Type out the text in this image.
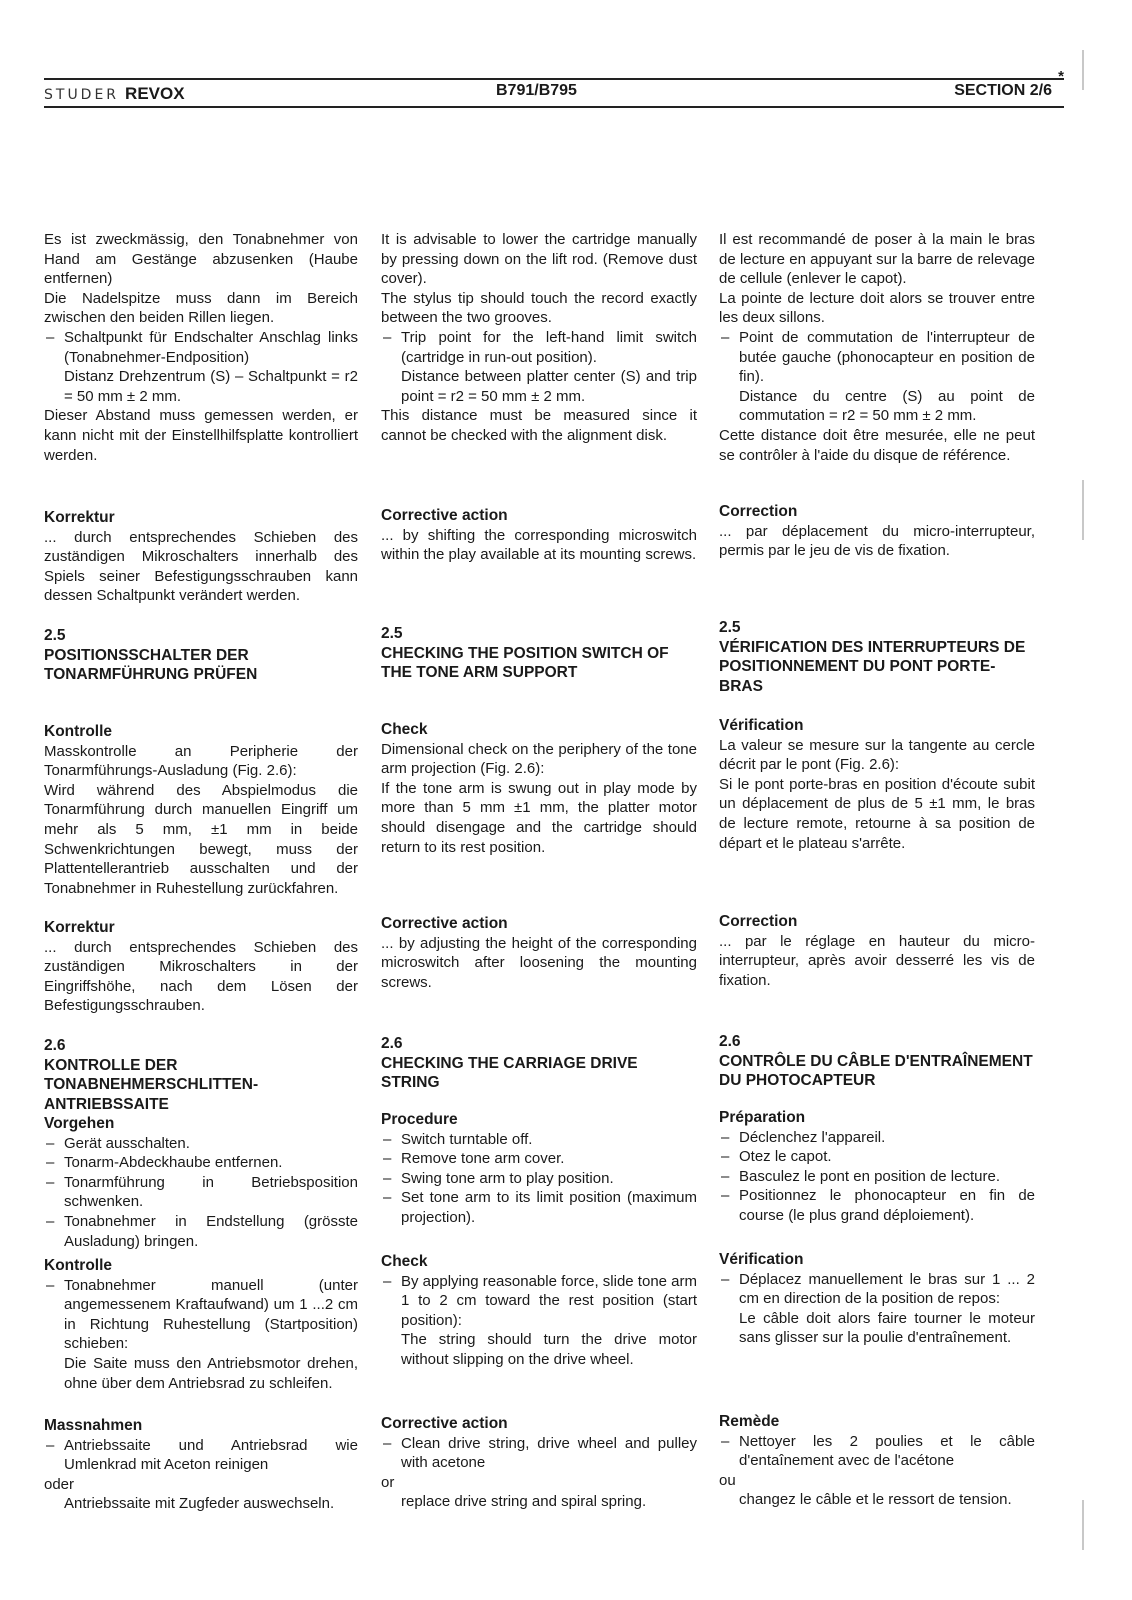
STUDER REVOX	B791/B795	SECTION 2/6
*

Es ist zweckmässig, den Tonabnehmer von Hand am Gestänge abzusenken (Haube entfernen)

Die Nadelspitze muss dann im Bereich zwischen den beiden Rillen liegen.

– Schaltpunkt für Endschalter Anschlag links (Tonabnehmer-Endposition)

Distanz Drehzentrum (S) – Schaltpunkt = r2 = 50 mm ± 2 mm.

Dieser Abstand muss gemessen werden, er kann nicht mit der Einstellhilfsplatte kontrolliert werden.

Korrektur

... durch entsprechendes Schieben des zuständigen Mikroschalters innerhalb des Spiels seiner Befestigungsschrauben kann dessen Schaltpunkt verändert werden.

2.5
POSITIONSSCHALTER DER TONARMFÜHRUNG PRÜFEN
Kontrolle

Masskontrolle an Peripherie der Tonarmführungs-Ausladung (Fig. 2.6):

Wird während des Abspielmodus die Tonarmführung durch manuellen Eingriff um mehr als 5 mm, ±1 mm in beide Schwenkrichtungen bewegt, muss der Plattentellerantrieb ausschalten und der Tonabnehmer in Ruhestellung zurückfahren.

Korrektur

... durch entsprechendes Schieben des zuständigen Mikroschalters in der Eingriffshöhe, nach dem Lösen der Befestigungsschrauben.

2.6
KONTROLLE DER TONABNEHMERSCHLITTEN-ANTRIEBSSAITE
Vorgehen
– Gerät ausschalten.
– Tonarm-Abdeckhaube entfernen.
– Tonarmführung in Betriebsposition schwenken.
– Tonabnehmer in Endstellung (grösste Ausladung) bringen.
Kontrolle
– Tonabnehmer manuell (unter angemessenem Kraftaufwand) um 1 ...2 cm in Richtung Ruhestellung (Startposition) schieben:

Die Saite muss den Antriebsmotor drehen, ohne über dem Antriebsrad zu schleifen.

Massnahmen
– Antriebssaite und Antriebsrad wie Umlenkrad mit Aceton reinigen

oder

Antriebssaite mit Zugfeder auswechseln.

It is advisable to lower the cartridge manually by pressing down on the lift rod. (Remove dust cover).

The stylus tip should touch the record exactly between the two grooves.

– Trip point for the left-hand limit switch (cartridge in run-out position).

Distance between platter center (S) and trip point = r2 = 50 mm ± 2 mm.

This distance must be measured since it cannot be checked with the alignment disk.

Corrective action

... by shifting the corresponding microswitch within the play available at its mounting screws.

2.5
CHECKING THE POSITION SWITCH OF THE TONE ARM SUPPORT
Check

Dimensional check on the periphery of the tone arm projection (Fig. 2.6):

If the tone arm is swung out in play mode by more than 5 mm ±1 mm, the platter motor should disengage and the cartridge should return to its rest position.

Corrective action

... by adjusting the height of the corresponding microswitch after loosening the mounting screws.

2.6
CHECKING THE CARRIAGE DRIVE STRING
Procedure
– Switch turntable off.
– Remove tone arm cover.
– Swing tone arm to play position.
– Set tone arm to its limit position (maximum projection).
Check
– By applying reasonable force, slide tone arm 1 to 2 cm toward the rest position (start position):

The string should turn the drive motor without slipping on the drive wheel.

Corrective action
– Clean drive string, drive wheel and pulley with acetone

or

replace drive string and spiral spring.

Il est recommandé de poser à la main le bras de lecture en appuyant sur la barre de relevage de cellule (enlever le capot).

La pointe de lecture doit alors se trouver entre les deux sillons.

– Point de commutation de l'interrupteur de butée gauche (phonocapteur en position de fin).

Distance du centre (S) au point de commutation = r2 = 50 mm ± 2 mm.

Cette distance doit être mesurée, elle ne peut se contrôler à l'aide du disque de référence.

Correction

... par déplacement du micro-interrupteur, permis par le jeu de vis de fixation.

2.5
VÉRIFICATION DES INTERRUPTEURS DE POSITIONNEMENT DU PONT PORTE-BRAS
Vérification

La valeur se mesure sur la tangente au cercle décrit par le pont (Fig. 2.6):

Si le pont porte-bras en position d'écoute subit un déplacement de plus de 5 ±1 mm, le bras de lecture remote, retourne à sa position de départ et le plateau s'arrête.

Correction

... par le réglage en hauteur du micro-interrupteur, après avoir desserré les vis de fixation.

2.6
CONTRÔLE DU CÂBLE D'ENTRAÎNEMENT DU PHOTOCAPTEUR
Préparation
– Déclenchez l'appareil.
– Otez le capot.
– Basculez le pont en position de lecture.
– Positionnez le phonocapteur en fin de course (le plus grand déploiement).
Vérification
– Déplacez manuellement le bras sur 1 ... 2 cm en direction de la position de repos:

Le câble doit alors faire tourner le moteur sans glisser sur la poulie d'entraînement.

Remède
– Nettoyer les 2 poulies et le câble d'entaînement avec de l'acétone

ou

changez le câble et le ressort de tension.
